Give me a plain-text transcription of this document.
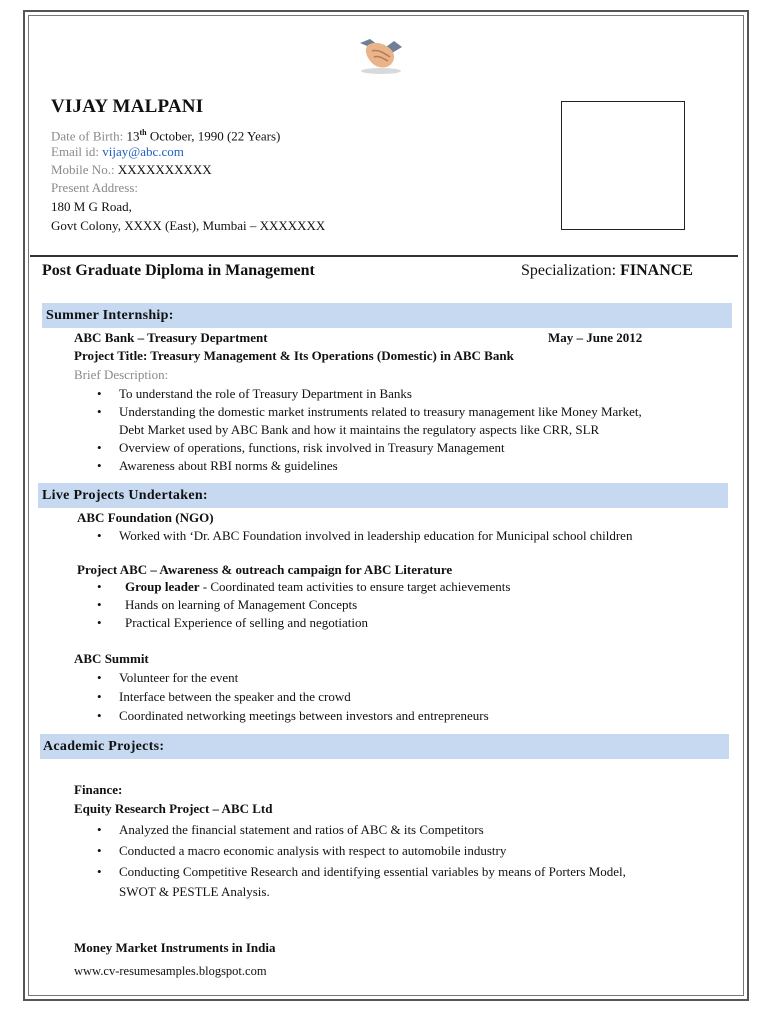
VIJAY MALPANI
Date of Birth: 13th October, 1990 (22 Years)
Email id: vijay@abc.com
Mobile No.: XXXXXXXXXX
Present Address:
180 M G Road,
Govt Colony, XXXX (East), Mumbai – XXXXXXX
Post Graduate Diploma in Management	Specialization: FINANCE
Summer Internship:
ABC Bank – Treasury Department	May – June 2012
Project Title: Treasury Management & Its Operations (Domestic) in ABC Bank
Brief Description:
• To understand the role of Treasury Department in Banks
• Understanding the domestic market instruments related to treasury management like Money Market,
Debt Market used by ABC Bank and how it maintains the regulatory aspects like CRR, SLR
• Overview of operations, functions, risk involved in Treasury Management
• Awareness about RBI norms & guidelines
Live Projects Undertaken:
ABC Foundation (NGO)
• Worked with ‘Dr. ABC Foundation involved in leadership education for Municipal school children
Project ABC – Awareness & outreach campaign for ABC Literature
• Group leader - Coordinated team activities to ensure target achievements
• Hands on learning of Management Concepts
• Practical Experience of selling and negotiation
ABC Summit
• Volunteer for the event
• Interface between the speaker and the crowd
• Coordinated networking meetings between investors and entrepreneurs
Academic Projects:
Finance:
Equity Research Project – ABC Ltd
• Analyzed the financial statement and ratios of ABC & its Competitors
• Conducted a macro economic analysis with respect to automobile industry
• Conducting Competitive Research and identifying essential variables by means of Porters Model,
SWOT & PESTLE Analysis.
Money Market Instruments in India
www.cv-resumesamples.blogspot.com
